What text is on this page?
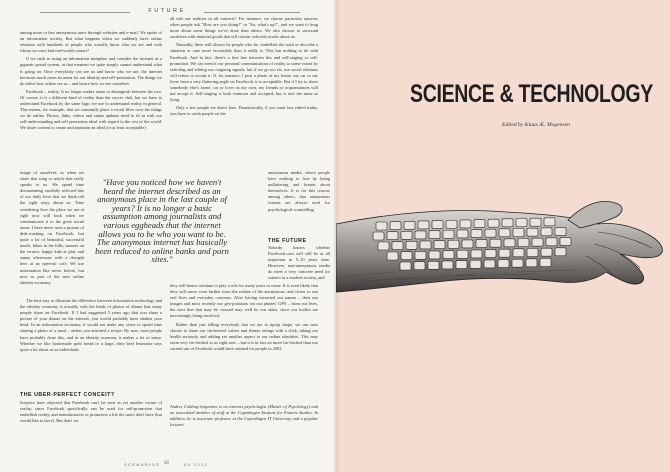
FUTURE

among more or less anonymous users through websites and e-mail. We spoke of an information society. But what happens when we suddenly have online relations with hundreds of people who actually know who we are and with whom we once had real-world contact?

If we stick to using an information metaphor and consider the internet as a gigantic postal system, at that moment we quite simply cannot understand what is going on. Once everybody can see us and know who we are, the internet becomes much more an arena for our identity and self-promotion. The things we do affect how others see us – and hence how we see ourselves.

Facebook – reality. It no longer makes sense to distinguish between the two. Of course, it is a different kind of reality than the soccer club, but we have to understand Facebook by the same logic we use to understand reality in general. This means, for example, that we constantly place a social filter over the things we do online. Photos, links, videos and status updates need to fit in with our self-understanding and self-promotion ideal with regard to the rest of the world. We share content to create and maintain an ideal (or at least acceptable)

image of ourselves; as when we share that song or article that really speaks to us. We spend time documenting carefully selected bits of our daily lives that we think tell the right story about us. Time wondering how the place we are at right now will look when we communicate it to the great social arena. I have never seen a picture of dish-washing on Facebook, but quite a lot of beautiful, successful meals, hikes in the hills, sunsets on the terrace, happy kids at play and sunny afternoons with a drought beer at an open-air cafe. We use information like never before, but now as part of the new online identity economy.

The best way to illustrate the difference between information technology and the identity economy is actually with the kinds of photos of dinner that many people share on Facebook. If I had suggested 5 years ago that you share a picture of your dinner on the internet, you would probably have shaken your head. In an information economy, it would not make any sense to spend time sharing a photo of a meal – unless you attached a recipe. By now, most people have probably done this, and in an identity economy it makes a lot of sense. Whether we like homemade spelt bread or a large, dirty beef béarnaise says quite a lot about us as individuals.

THE UBER-PERFECT CONCEIT?

Sceptics have objected that Facebook can't be seen as yet another corner of reality, since Facebook specifically can be used for self-promotion that embellish reality, and manufacturers or promoters a life the users don't have (but would like to have). But don't we

all edit our realities in all contexts? For instance, we choose particular answers when people ask "How are you doing?" or "So, what's up?", and we want to brag more about some things we've done than others. We also choose to surround ourselves with material goods that tell certain, selected stories about us.

Naturally, there will always be people who lie, embellish the truth or describe a situation or case more favourably than it really is. This has nothing to do with Facebook. And in fact, there's a fine line between lies and self-staging or self-promotion. We can stretch our personal communication of reality to some extent by selecting and editing our outgoing signals; but if we go too far, our social relations will refuse to accept it. If, for instance, I post a photo of my home, my car or my lover from a very flattering angle on Facebook, it is acceptable. But if I try to show somebody else's home, car or lover as my own, my friends or acquaintances will not accept it. Self-staging is both common and accepted, but it isn't the same as lying.

Only a few people are direct liars. Paradoxically, if you want less edited truths, you have to catch people on the

anonymous media, where people have nothing to lose by being unflattering and honest about themselves. It is for this reason, among others, that anonymous forums are always used for psychological counselling.

THE FUTURE

Nobody knows whether Facebook.com will still be at all important in 5–10 years time. However, non-anonymous media do meet a very concrete need for contact in a modern society, and

they will hence continue to play a role for many years to come. It is even likely that they will move even further from the realms of the anonymous, and closer to our real lives and everyday concerns. After having extracted our names – then our images and most recently our geo-positions via our phones' GPS – from our lives, the next line that may be crossed may well be our skins, since our bodies are increasingly being involved.

Rather than just telling everybody that we are in tiptop shape, we can now choose to share our cholesterol values and fitness ratings with a click, taking our health seriously and adding yet another aspect to our online identities. This may seem very far-fetched to us right now – but it is in fact no more far-fetched than our current use of Facebook would have seemed for people in 2002.

"Have you noticed how we haven't heard the internet described as an anonymous place in the last couple of years? It is no longer a basic assumption among journalists and various eggheads that the internet allows you to be who you want to be. The anonymous internet has basically been reduced to online banks and porn sites."
Anders Colding-Jørgensen is an internet psychologist (Master of Psychology) and an associated member of staff at the Copenhagen Institute for Futures Studies. In addition, he is associate professor at the Copenhagen IT University and a popular lecturer.
SCENARIOS 46	04 2012
SCIENCE & TECHNOLOGY
Edited by Klaus Æ. Mogensen
